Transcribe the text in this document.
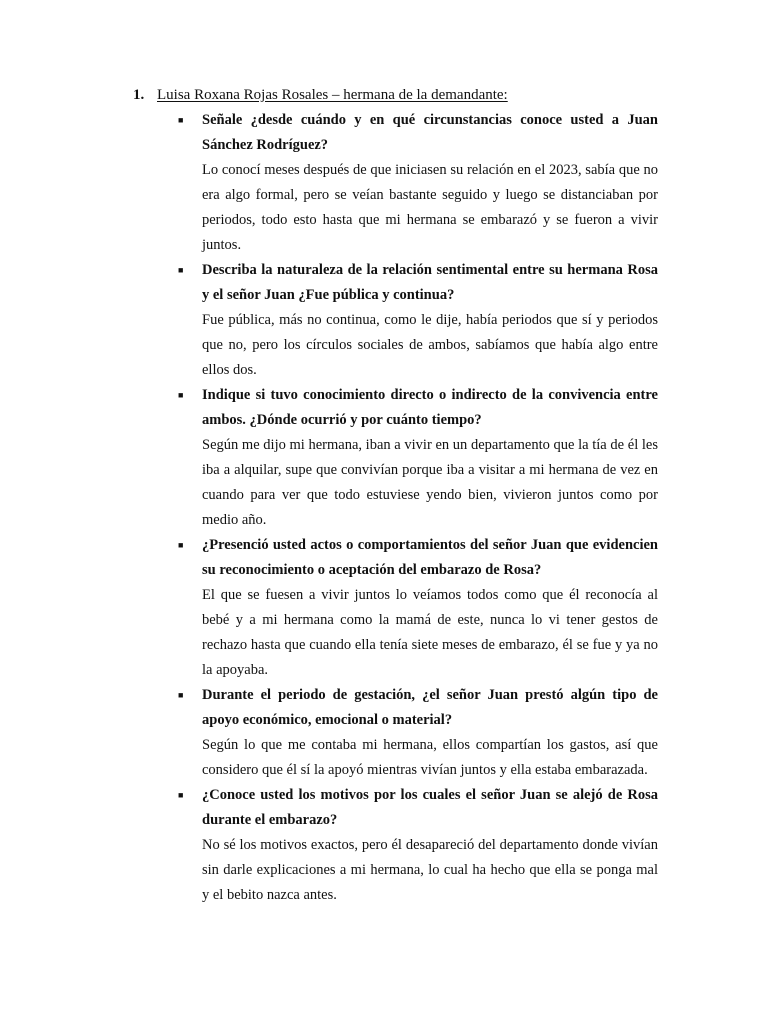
1. Luisa Roxana Rojas Rosales – hermana de la demandante:
■	Señale ¿desde cuándo y en qué circunstancias conoce usted a Juan Sánchez Rodríguez?

Lo conocí meses después de que iniciasen su relación en el 2023, sabía que no era algo formal, pero se veían bastante seguido y luego se distanciaban por periodos, todo esto hasta que mi hermana se embarazó y se fueron a vivir juntos.

■	Describa la naturaleza de la relación sentimental entre su hermana Rosa y el señor Juan ¿Fue pública y continua?

Fue pública, más no continua, como le dije, había periodos que sí y periodos que no, pero los círculos sociales de ambos, sabíamos que había algo entre ellos dos.

■	Indique si tuvo conocimiento directo o indirecto de la convivencia entre ambos. ¿Dónde ocurrió y por cuánto tiempo?

Según me dijo mi hermana, iban a vivir en un departamento que la tía de él les iba a alquilar, supe que convivían porque iba a visitar a mi hermana de vez en cuando para ver que todo estuviese yendo bien, vivieron juntos como por medio año.

■	¿Presenció usted actos o comportamientos del señor Juan que evidencien su reconocimiento o aceptación del embarazo de Rosa?

El que se fuesen a vivir juntos lo veíamos todos como que él reconocía al bebé y a mi hermana como la mamá de este, nunca lo vi tener gestos de rechazo hasta que cuando ella tenía siete meses de embarazo, él se fue y ya no la apoyaba.

■	Durante el periodo de gestación, ¿el señor Juan prestó algún tipo de apoyo económico, emocional o material?

Según lo que me contaba mi hermana, ellos compartían los gastos, así que considero que él sí la apoyó mientras vivían juntos y ella estaba embarazada.

■	¿Conoce usted los motivos por los cuales el señor Juan se alejó de Rosa durante el embarazo?

No sé los motivos exactos, pero él desapareció del departamento donde vivían sin darle explicaciones a mi hermana, lo cual ha hecho que ella se ponga mal y el bebito nazca antes.
